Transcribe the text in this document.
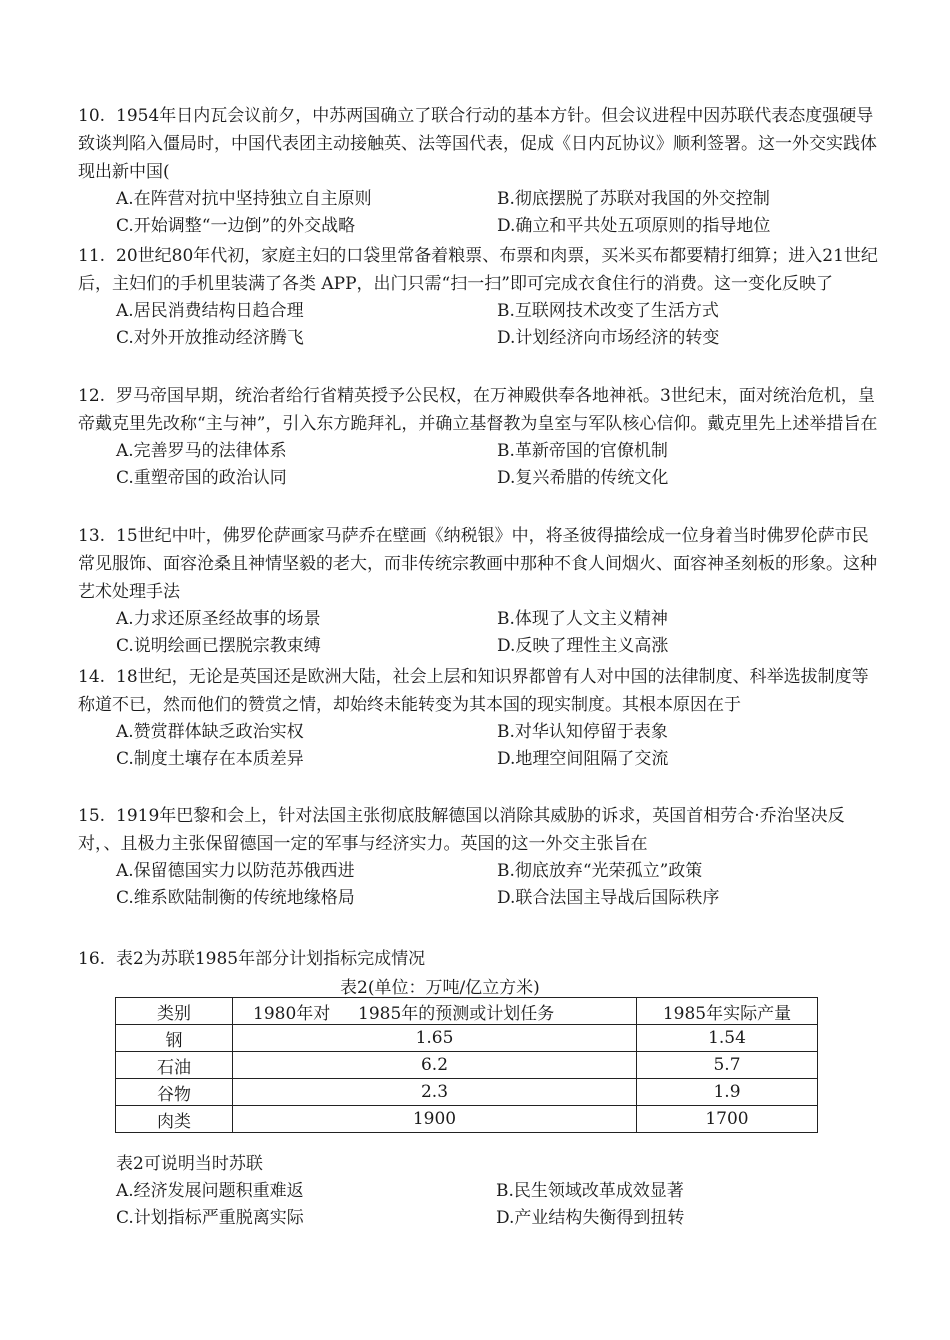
10. 1954年日内瓦会议前夕，中苏两国确立了联合行动的基本方针。但会议进程中因苏联代表态度强硬导致谈判陷入僵局时，中国代表团主动接触英、法等国代表，促成《日内瓦协议》顺利签署。这一外交实践体现出新中国(
A.在阵营对抗中坚持独立自主原则	B.彻底摆脱了苏联对我国的外交控制
C.开始调整“一边倒”的外交战略	D.确立和平共处五项原则的指导地位
11. 20世纪80年代初，家庭主妇的口袋里常备着粮票、布票和肉票，买米买布都要精打细算；进入21世纪后，主妇们的手机里装满了各类 APP，出门只需“扫一扫”即可完成衣食住行的消费。这一变化反映了
A.居民消费结构日趋合理	B.互联网技术改变了生活方式
C.对外开放推动经济腾飞	D.计划经济向市场经济的转变
12. 罗马帝国早期，统治者给行省精英授予公民权，在万神殿供奉各地神祇。3世纪末，面对统治危机，皇帝戴克里先改称“主与神”，引入东方跪拜礼，并确立基督教为皇室与军队核心信仰。戴克里先上述举措旨在
A.完善罗马的法律体系	B.革新帝国的官僚机制
C.重塑帝国的政治认同	D.复兴希腊的传统文化
13. 15世纪中叶，佛罗伦萨画家马萨乔在壁画《纳税银》中，将圣彼得描绘成一位身着当时佛罗伦萨市民常见服饰、面容沧桑且神情坚毅的老大，而非传统宗教画中那种不食人间烟火、面容神圣刻板的形象。这种艺术处理手法
A.力求还原圣经故事的场景	B.体现了人文主义精神
C.说明绘画已摆脱宗教束缚	D.反映了理性主义高涨
14. 18世纪，无论是英国还是欧洲大陆，社会上层和知识界都曾有人对中国的法律制度、科举选拔制度等称道不已，然而他们的赞赏之情，却始终未能转变为其本国的现实制度。其根本原因在于
A.赞赏群体缺乏政治实权	B.对华认知停留于表象
C.制度土壤存在本质差异	D.地理空间阻隔了交流
15. 1919年巴黎和会上，针对法国主张彻底肢解德国以消除其威胁的诉求，英国首相劳合·乔治坚决反对，、且极力主张保留德国一定的军事与经济实力。英国的这一外交主张旨在
A.保留德国实力以防范苏俄西进	B.彻底放弃“光荣孤立”政策
C.维系欧陆制衡的传统地缘格局	D.联合法国主导战后国际秩序
16. 表2为苏联1985年部分计划指标完成情况
表2(单位：万吨/亿立方米)
类别	1980年对 1985年的预测或计划任务	1985年实际产量
钢	1.65	1.54
石油	6.2	5.7
谷物	2.3	1.9
肉类	1900	1700
表2可说明当时苏联
A.经济发展问题积重难返	B.民生领域改革成效显著
C.计划指标严重脱离实际	D.产业结构失衡得到扭转
